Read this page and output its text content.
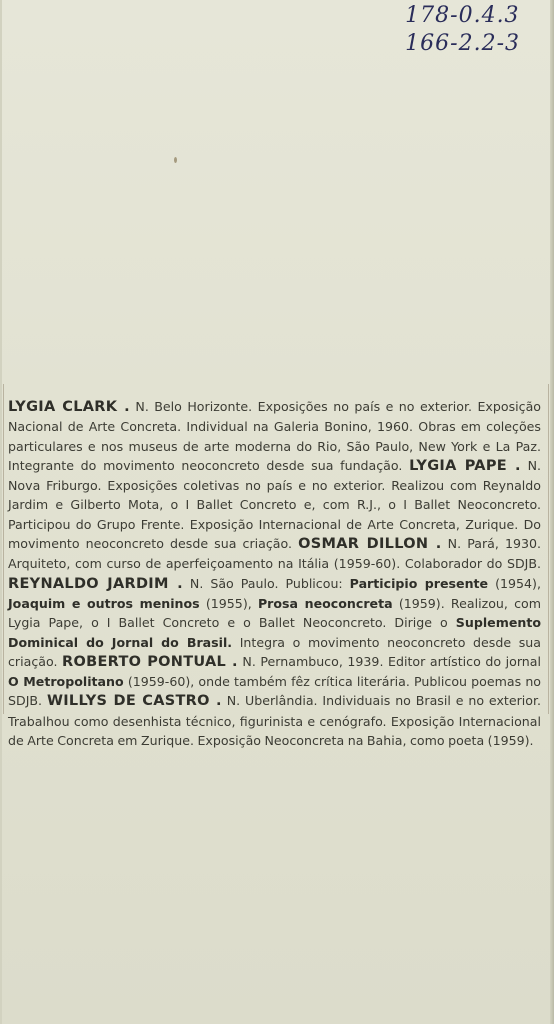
178-0.4.3
166-2.2-3
LYGIA CLARK . N. Belo Horizonte. Exposições no país e no exterior. Exposição Nacional de Arte Concreta. Individual na Galeria Bonino, 1960. Obras em coleções particulares e nos museus de arte moderna do Rio, São Paulo, New York e La Paz. Integrante do movimento neoconcreto desde sua fundação. LYGIA PAPE . N. Nova Friburgo. Exposições coletivas no país e no exterior. Realizou com Reynaldo Jardim e Gilberto Mota, o I Ballet Concreto e, com R.J., o I Ballet Neoconcreto. Participou do Grupo Frente. Exposição Internacional de Arte Concreta, Zurique. Do movimento neoconcreto desde sua criação. OSMAR DILLON . N. Pará, 1930. Arquiteto, com curso de aperfeiçoamento na Itália (1959-60). Colaborador do SDJB. REYNALDO JARDIM . N. São Paulo. Publicou: Participio presente (1954), Joaquim e outros meninos (1955), Prosa neoconcreta (1959). Realizou, com Lygia Pape, o I Ballet Concreto e o Ballet Neoconcreto. Dirige o Suplemento Dominical do Jornal do Brasil. Integra o movimento neoconcreto desde sua criação. ROBERTO PONTUAL . N. Pernambuco, 1939. Editor artístico do jornal O Metropolitano (1959-60), onde também fêz crítica literária. Publicou poemas no SDJB. WILLYS DE CASTRO . N. Uberlândia. Individuais no Brasil e no exterior. Trabalhou como desenhista técnico, figurinista e cenógrafo. Exposição Internacional de Arte Concreta em Zurique. Exposição Neoconcreta na Bahia, como poeta (1959).
